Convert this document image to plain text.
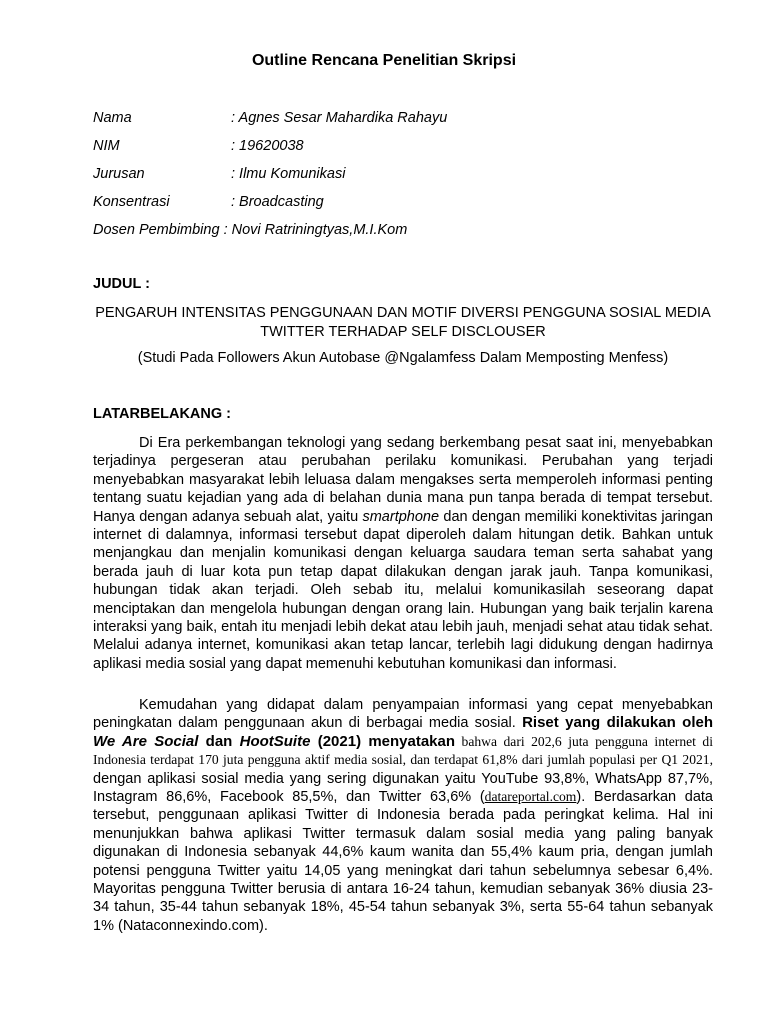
Outline Rencana Penelitian Skripsi
Nama	: Agnes Sesar Mahardika Rahayu
NIM	: 19620038
Jurusan	: Ilmu Komunikasi
Konsentrasi	: Broadcasting
Dosen Pembimbing : Novi Ratriningtyas,M.I.Kom
JUDUL :
PENGARUH INTENSITAS PENGGUNAAN DAN MOTIF DIVERSI PENGGUNA SOSIAL MEDIA TWITTER TERHADAP SELF DISCLOUSER
(Studi Pada Followers Akun Autobase @Ngalamfess Dalam Memposting Menfess)
LATARBELAKANG :

Di Era perkembangan teknologi yang sedang berkembang pesat saat ini, menyebabkan terjadinya pergeseran atau perubahan perilaku komunikasi. Perubahan yang terjadi menyebabkan masyarakat lebih leluasa dalam mengakses serta memperoleh informasi penting tentang suatu kejadian yang ada di belahan dunia mana pun tanpa berada di tempat tersebut. Hanya dengan adanya sebuah alat, yaitu smartphone dan dengan memiliki konektivitas jaringan internet di dalamnya, informasi tersebut dapat diperoleh dalam hitungan detik. Bahkan untuk menjangkau dan menjalin komunikasi dengan keluarga saudara teman serta sahabat yang berada jauh di luar kota pun tetap dapat dilakukan dengan jarak jauh. Tanpa komunikasi, hubungan tidak akan terjadi. Oleh sebab itu, melalui komunikasilah seseorang dapat menciptakan dan mengelola hubungan dengan orang lain. Hubungan yang baik terjalin karena interaksi yang baik, entah itu menjadi lebih dekat atau lebih jauh, menjadi sehat atau tidak sehat. Melalui adanya internet, komunikasi akan tetap lancar, terlebih lagi didukung dengan hadirnya aplikasi media sosial yang dapat memenuhi kebutuhan komunikasi dan informasi.

Kemudahan yang didapat dalam penyampaian informasi yang cepat menyebabkan peningkatan dalam penggunaan akun di berbagai media sosial. Riset yang dilakukan oleh We Are Social dan HootSuite (2021) menyatakan bahwa dari 202,6 juta pengguna internet di Indonesia terdapat 170 juta pengguna aktif media sosial, dan terdapat 61,8% dari jumlah populasi per Q1 2021, dengan aplikasi sosial media yang sering digunakan yaitu YouTube 93,8%, WhatsApp 87,7%, Instagram 86,6%, Facebook 85,5%, dan Twitter 63,6% (datareportal.com). Berdasarkan data tersebut, penggunaan aplikasi Twitter di Indonesia berada pada peringkat kelima. Hal ini menunjukkan bahwa aplikasi Twitter termasuk dalam sosial media yang paling banyak digunakan di Indonesia sebanyak 44,6% kaum wanita dan 55,4% kaum pria, dengan jumlah potensi pengguna Twitter yaitu 14,05 yang meningkat dari tahun sebelumnya sebesar 6,4%. Mayoritas pengguna Twitter berusia di antara 16-24 tahun, kemudian sebanyak 36% diusia 23-34 tahun, 35-44 tahun sebanyak 18%, 45-54 tahun sebanyak 3%, serta 55-64 tahun sebanyak 1% (Nataconnexindo.com).
